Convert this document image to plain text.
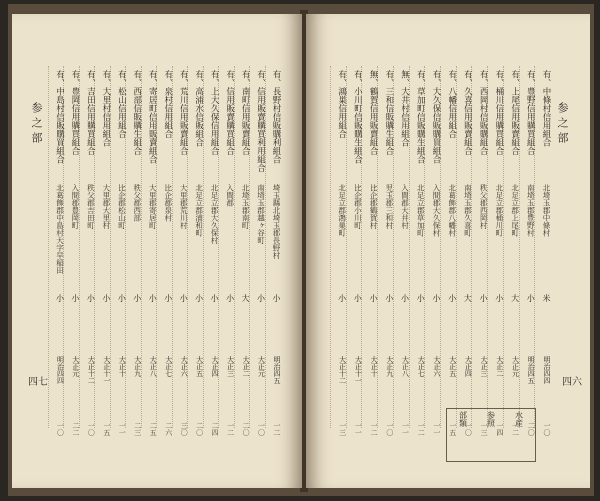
参之部	有、長野村信販購利組合
埼玉縣北埼玉郡長野村
小
明治四五
一二
有、信用販賣購買利用組合
南埼玉郡越ヶ谷町
小
大正元
一〇
有、南町信用販賣組合
北埼玉郡南町
大
大正二
二〇
有、信用販賣購買組合
入間郡
小
大正三
一二
有、上大久保信用組合
北足立郡大久保村
小
大正四
二四
有、高浦水信販組合
北足立郡浦和町
小
大正五
二〇
有、荒川信用販賣組合
大里郡荒川村
小
大正六
三〇
有、泉村信用組合
比企郡泉村
小
大正七
二六
有、寄居町信用販賣組合
大里郡寄居町
小
大正八
二五
有、西部信販購生組合
秩父郡西部
小
大正九
二三
有、松山信用組合
比企郡松山町
小
大正十
一一
有、大里村信用組合
大里郡大里村
小
大正十一
一五
有、吉田信用購買組合
秩父郡吉田町
小
大正十二
一〇
有、豊岡信用購買組合
入間郡豊岡町
小
大正元
二二
有、中島村信販購買組合
北葛飾郡中島村大字早稲田
小
明治四四
一〇
四七
参之部
有、中條村信用組合
北埼玉郡中條村
米
明治四四
一〇
有、豊野信用購買組合
南埼玉郡豊野村
小
明治四五
二〇
有、上尾信用販賣組合
北足立郡上尾町
大
大正元
一二
有、桶川信用購買組合
北足立郡桶川町
小
大正二
一四
有、西岡村信販購組合
秩父郡西岡村
小
大正三
一三
有、久喜信用販賣組合
南埼玉郡久喜町
大
大正四
一〇
有、八幡信用組合
北葛飾郡八幡村
小
大正五
一五
有、大久保信販購買組合
入間郡大久保村
小
大正六
一一
有、草加町信販購生組合
北足立郡草加町
小
大正七
一二
無、大井村信用組合
入間郡大井村
小
大正八
一一
有、三和信販購生組合
児玉郡三和村
小
大正九
一〇
無、鶴賀信用販賣組合
比企郡鶴賀村
小
大正十
一二
有、小川町信販購生組合
比企郡小川町
小
大正十一
一一
有、鴻巣信用組合
北足立郡鴻巣町
小
大正十二
一三
四六
水産
参照
部類
